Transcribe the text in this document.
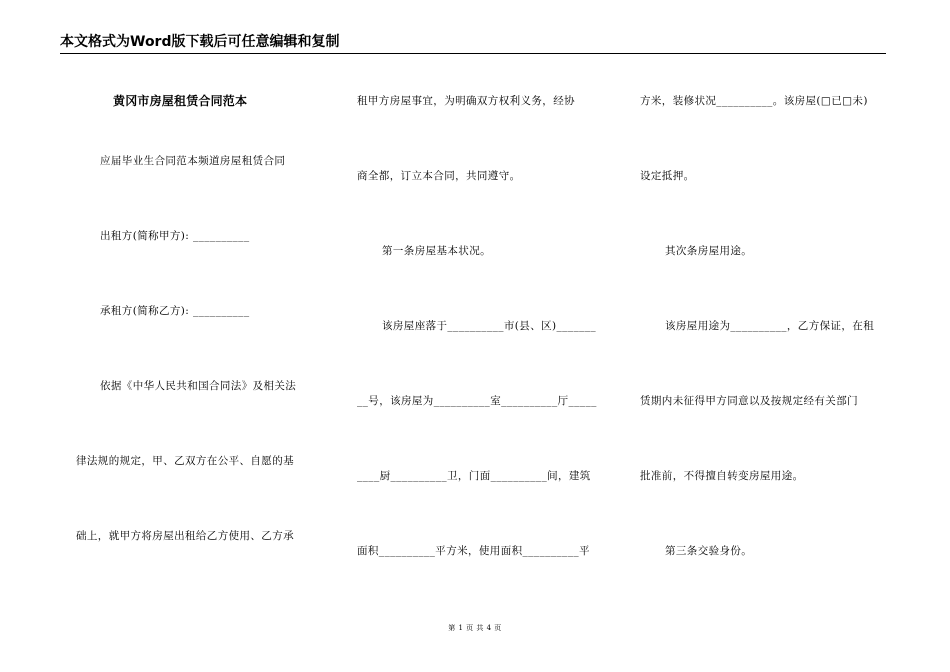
本文格式为Word版下载后可任意编辑和复制
黄冈市房屋租赁合同范本
应届毕业生合同范本频道房屋租赁合同
出租方(简称甲方): __________
承租方(简称乙方): __________
依据《中华人民共和国合同法》及相关法
律法规的规定，甲、乙双方在公平、自愿的基
础上，就甲方将房屋出租给乙方使用、乙方承
租甲方房屋事宜，为明确双方权利义务，经协
商全都，订立本合同，共同遵守。
第一条房屋基本状况。
该房屋座落于__________市(县、区)_______
__号，该房屋为__________室__________厅_____
____厨__________卫，门面__________间，建筑
面积__________平方米，使用面积__________平
方米，装修状况__________。该房屋(□已□未)
设定抵押。
其次条房屋用途。
该房屋用途为__________，乙方保证，在租
赁期内未征得甲方同意以及按规定经有关部门
批准前，不得擅自转变房屋用途。
第三条交验身份。
第 1 页 共 4 页
